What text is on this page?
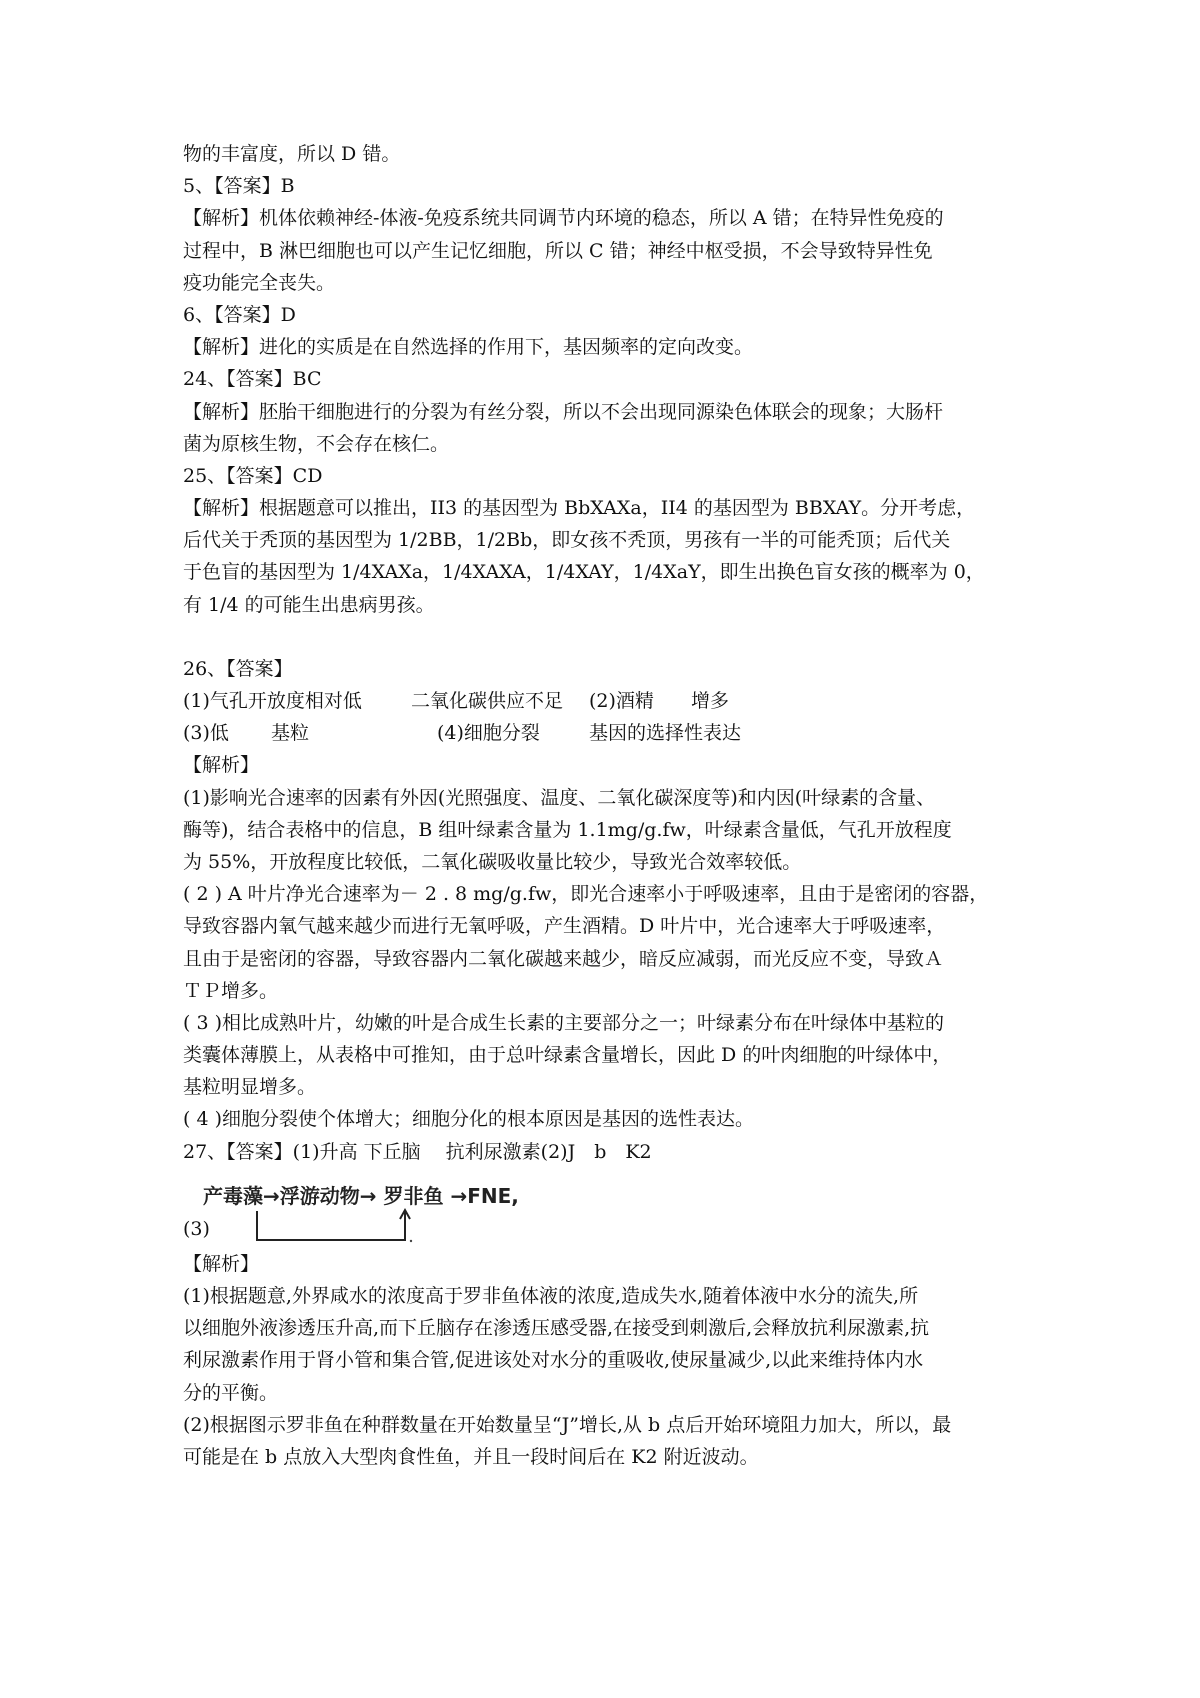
物的丰富度，所以 D 错。
5、【答案】B
【解析】机体依赖神经-体液-免疫系统共同调节内环境的稳态，所以 A 错；在特异性免疫的
过程中，B 淋巴细胞也可以产生记忆细胞，所以 C 错；神经中枢受损，不会导致特异性免
疫功能完全丧失。
6、【答案】D
【解析】进化的实质是在自然选择的作用下，基因频率的定向改变。
24、【答案】BC
【解析】胚胎干细胞进行的分裂为有丝分裂，所以不会出现同源染色体联会的现象；大肠杆
菌为原核生物，不会存在核仁。
25、【答案】CD
【解析】根据题意可以推出，II3 的基因型为 BbXAXa，II4 的基因型为 BBXAY。分开考虑，
后代关于秃顶的基因型为 1/2BB，1/2Bb，即女孩不秃顶，男孩有一半的可能秃顶；后代关
于色盲的基因型为 1/4XAXa，1/4XAXA，1/4XAY，1/4XaY，即生出换色盲女孩的概率为 0，
有 1/4 的可能生出患病男孩。
26、【答案】
(1)气孔开放度相对低	二氧化碳供应不足 (2)酒精 增多
(3)低 基粒	(4)细胞分裂	基因的选择性表达
【解析】
(1)影响光合速率的因素有外因(光照强度、温度、二氧化碳深度等)和内因(叶绿素的含量、
酶等)，结合表格中的信息，B 组叶绿素含量为 1.1mg/g.fw，叶绿素含量低，气孔开放程度
为 55%，开放程度比较低，二氧化碳吸收量比较少，导致光合效率较低。
( 2 ) A 叶片净光合速率为－ 2 . 8 mg/g.fw，即光合速率小于呼吸速率，且由于是密闭的容器，
导致容器内氧气越来越少而进行无氧呼吸，产生酒精。D 叶片中，光合速率大于呼吸速率，
且由于是密闭的容器，导致容器内二氧化碳越来越少，暗反应减弱，而光反应不变，导致Ａ
ＴＰ增多。
( 3 )相比成熟叶片，幼嫩的叶是合成生长素的主要部分之一；叶绿素分布在叶绿体中基粒的
类囊体薄膜上，从表格中可推知，由于总叶绿素含量增长，因此 D 的叶肉细胞的叶绿体中，
基粒明显增多。
( 4 )细胞分裂使个体增大；细胞分化的根本原因是基因的选性表达。
27、【答案】(1)升高 下丘脑　 抗利尿激素(2)J　b　K2
(3)
产毒藻→浮游动物→ 罗非鱼 →FNE,
【解析】
(1)根据题意,外界咸水的浓度高于罗非鱼体液的浓度,造成失水,随着体液中水分的流失,所
以细胞外液渗透压升高,而下丘脑存在渗透压感受器,在接受到刺激后,会释放抗利尿激素,抗
利尿激素作用于肾小管和集合管,促进该处对水分的重吸收,使尿量减少,以此来维持体内水
分的平衡。
(2)根据图示罗非鱼在种群数量在开始数量呈“J”增长,从 b 点后开始环境阻力加大，所以，最
可能是在 b 点放入大型肉食性鱼，并且一段时间后在 K2 附近波动。
